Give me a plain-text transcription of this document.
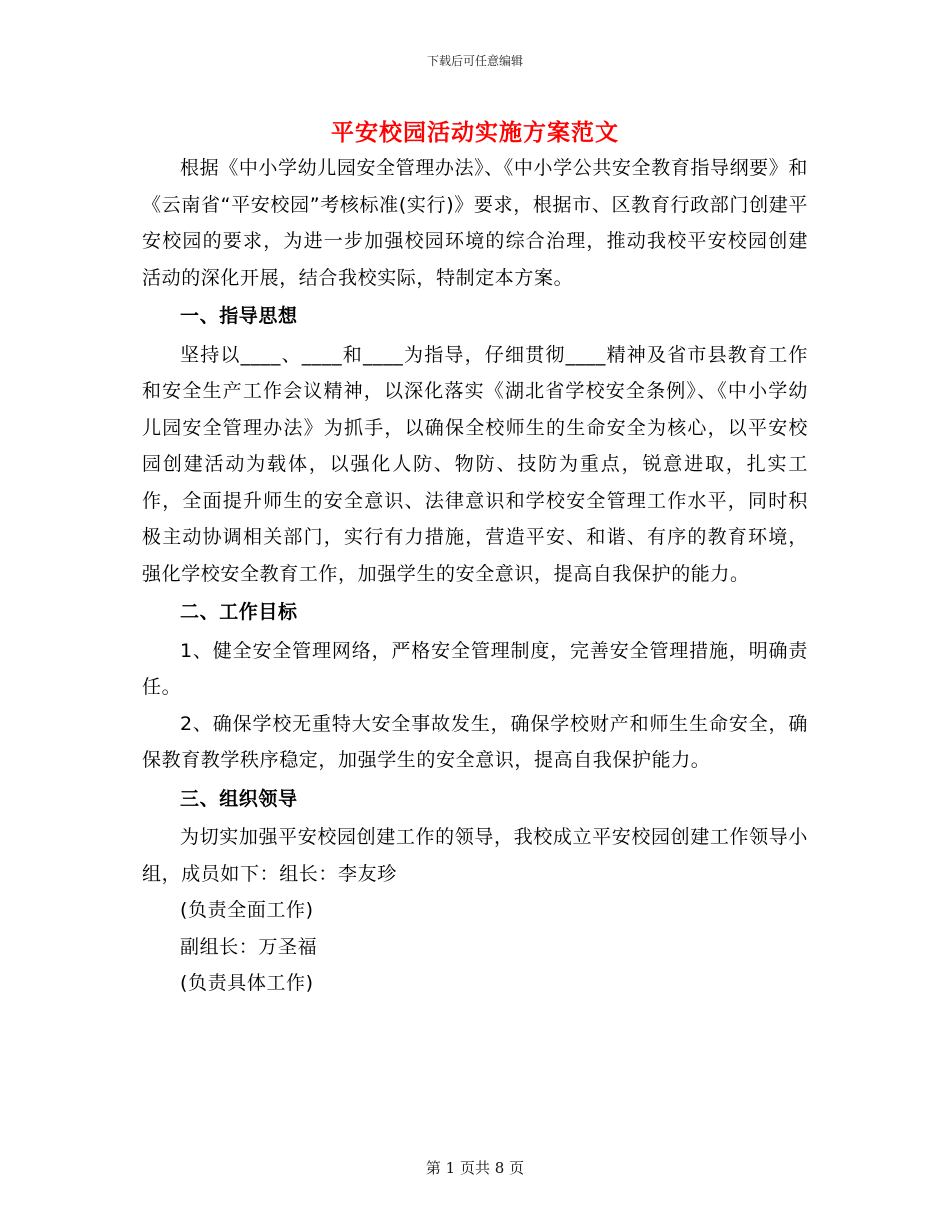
下载后可任意编辑
平安校园活动实施方案范文

根据《中小学幼儿园安全管理办法》、《中小学公共安全教育指导纲要》和《云南省“平安校园”考核标准(实行)》要求，根据市、区教育行政部门创建平安校园的要求，为进一步加强校园环境的综合治理，推动我校平安校园创建活动的深化开展，结合我校实际，特制定本方案。

一、指导思想

坚持以____、____和____为指导，仔细贯彻____精神及省市县教育工作和安全生产工作会议精神，以深化落实《湖北省学校安全条例》、《中小学幼儿园安全管理办法》为抓手，以确保全校师生的生命安全为核心，以平安校园创建活动为载体，以强化人防、物防、技防为重点，锐意进取，扎实工作，全面提升师生的安全意识、法律意识和学校安全管理工作水平，同时积极主动协调相关部门，实行有力措施，营造平安、和谐、有序的教育环境，强化学校安全教育工作，加强学生的安全意识，提高自我保护的能力。

二、工作目标

1、健全安全管理网络，严格安全管理制度，完善安全管理措施，明确责任。

2、确保学校无重特大安全事故发生，确保学校财产和师生生命安全，确保教育教学秩序稳定，加强学生的安全意识，提高自我保护能力。

三、组织领导

为切实加强平安校园创建工作的领导，我校成立平安校园创建工作领导小组，成员如下：组长：李友珍

(负责全面工作)

副组长：万圣福

(负责具体工作)

第 1 页共 8 页
